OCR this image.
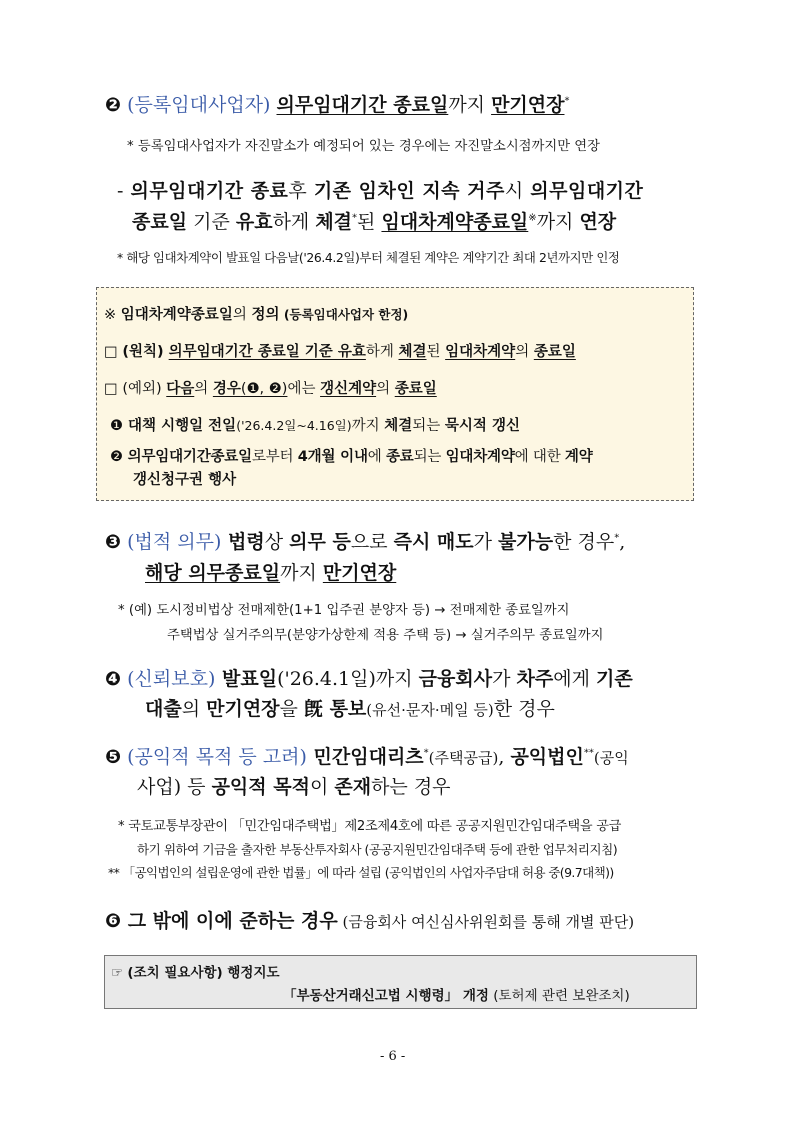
❷ (등록임대사업자) 의무임대기간 종료일까지 만기연장*
* 등록임대사업자가 자진말소가 예정되어 있는 경우에는 자진말소시점까지만 연장
- 의무임대기간 종료후 기존 임차인 지속 거주시 의무임대기간
종료일 기준 유효하게 체결*된 임대차계약종료일※까지 연장
* 해당 임대차계약이 발표일 다음날('26.4.2일)부터 체결된 계약은 계약기간 최대 2년까지만 인정
※ 임대차계약종료일의 정의 (등록임대사업자 한정)
□ (원칙) 의무임대기간 종료일 기준 유효하게 체결된 임대차계약의 종료일
□ (예외) 다음의 경우(❶, ❷)에는 갱신계약의 종료일
❶ 대책 시행일 전일('26.4.2일~4.16일)까지 체결되는 묵시적 갱신
❷ 의무임대기간종료일로부터 4개월 이내에 종료되는 임대차계약에 대한 계약
갱신청구권 행사
❸ (법적 의무) 법령상 의무 등으로 즉시 매도가 불가능한 경우*,
해당 의무종료일까지 만기연장
* (예) 도시정비법상 전매제한(1+1 입주권 분양자 등) → 전매제한 종료일까지
주택법상 실거주의무(분양가상한제 적용 주택 등) → 실거주의무 종료일까지
❹ (신뢰보호) 발표일('26.4.1일)까지 금융회사가 차주에게 기존
대출의 만기연장을 旣 통보(유선·문자·메일 등)한 경우
❺ (공익적 목적 등 고려) 민간임대리츠*(주택공급), 공익법인**(공익
사업) 등 공익적 목적이 존재하는 경우
* 국토교통부장관이 「민간임대주택법」제2조제4호에 따른 공공지원민간임대주택을 공급
하기 위하여 기금을 출자한 부동산투자회사 (공공지원민간임대주택 등에 관한 업무처리지침)
** 「공익법인의 설립운영에 관한 법률」에 따라 설립 (공익법인의 사업자주담대 허용 중(9.7대책))
❻ 그 밖에 이에 준하는 경우 (금융회사 여신심사위원회를 통해 개별 판단)
☞ (조치 필요사항) 행정지도
「부동산거래신고법 시행령」 개정 (토허제 관련 보완조치)
- 6 -
